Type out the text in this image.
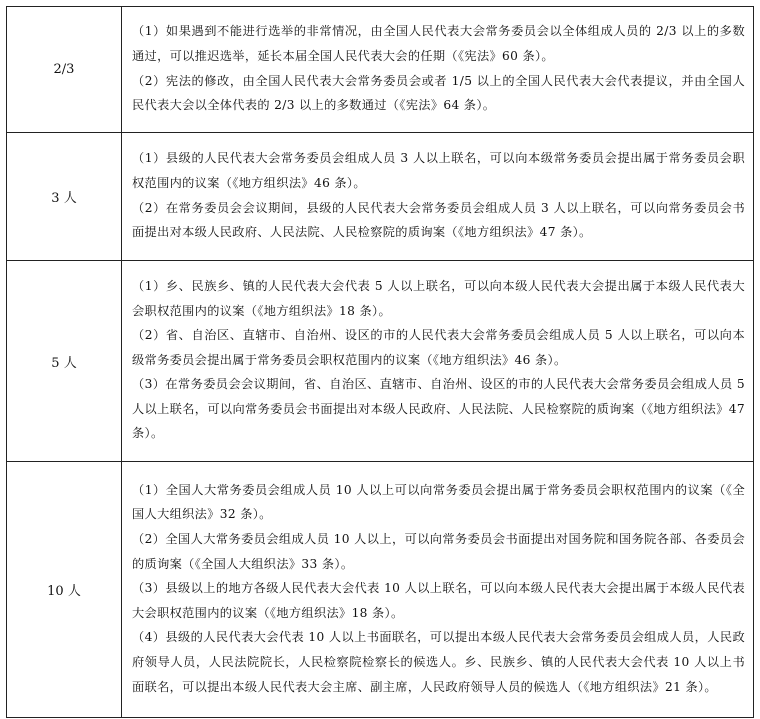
2/3	（1）如果遇到不能进行选举的非常情况，由全国人民代表大会常务委员会以全体组成人员的 2/3 以上的多数通过，可以推迟选举，延长本届全国人民代表大会的任期（《宪法》60 条）。

（2）宪法的修改，由全国人民代表大会常务委员会或者 1/5 以上的全国人民代表大会代表提议，并由全国人民代表大会以全体代表的 2/3 以上的多数通过（《宪法》64 条）。

3 人	（1）县级的人民代表大会常务委员会组成人员 3 人以上联名，可以向本级常务委员会提出属于常务委员会职权范围内的议案（《地方组织法》46 条）。

（2）在常务委员会会议期间，县级的人民代表大会常务委员会组成人员 3 人以上联名，可以向常务委员会书面提出对本级人民政府、人民法院、人民检察院的质询案（《地方组织法》47 条）。

5 人	（1）乡、民族乡、镇的人民代表大会代表 5 人以上联名，可以向本级人民代表大会提出属于本级人民代表大会职权范围内的议案（《地方组织法》18 条）。

（2）省、自治区、直辖市、自治州、设区的市的人民代表大会常务委员会组成人员 5 人以上联名，可以向本级常务委员会提出属于常务委员会职权范围内的议案（《地方组织法》46 条）。

（3）在常务委员会会议期间，省、自治区、直辖市、自治州、设区的市的人民代表大会常务委员会组成人员 5 人以上联名，可以向常务委员会书面提出对本级人民政府、人民法院、人民检察院的质询案（《地方组织法》47 条）。

10 人	（1）全国人大常务委员会组成人员 10 人以上可以向常务委员会提出属于常务委员会职权范围内的议案（《全国人大组织法》32 条）。

（2）全国人大常务委员会组成人员 10 人以上，可以向常务委员会书面提出对国务院和国务院各部、各委员会的质询案（《全国人大组织法》33 条）。

（3）县级以上的地方各级人民代表大会代表 10 人以上联名，可以向本级人民代表大会提出属于本级人民代表大会职权范围内的议案（《地方组织法》18 条）。

（4）县级的人民代表大会代表 10 人以上书面联名，可以提出本级人民代表大会常务委员会组成人员，人民政府领导人员，人民法院院长，人民检察院检察长的候选人。乡、民族乡、镇的人民代表大会代表 10 人以上书面联名，可以提出本级人民代表大会主席、副主席，人民政府领导人员的候选人（《地方组织法》21 条）。
